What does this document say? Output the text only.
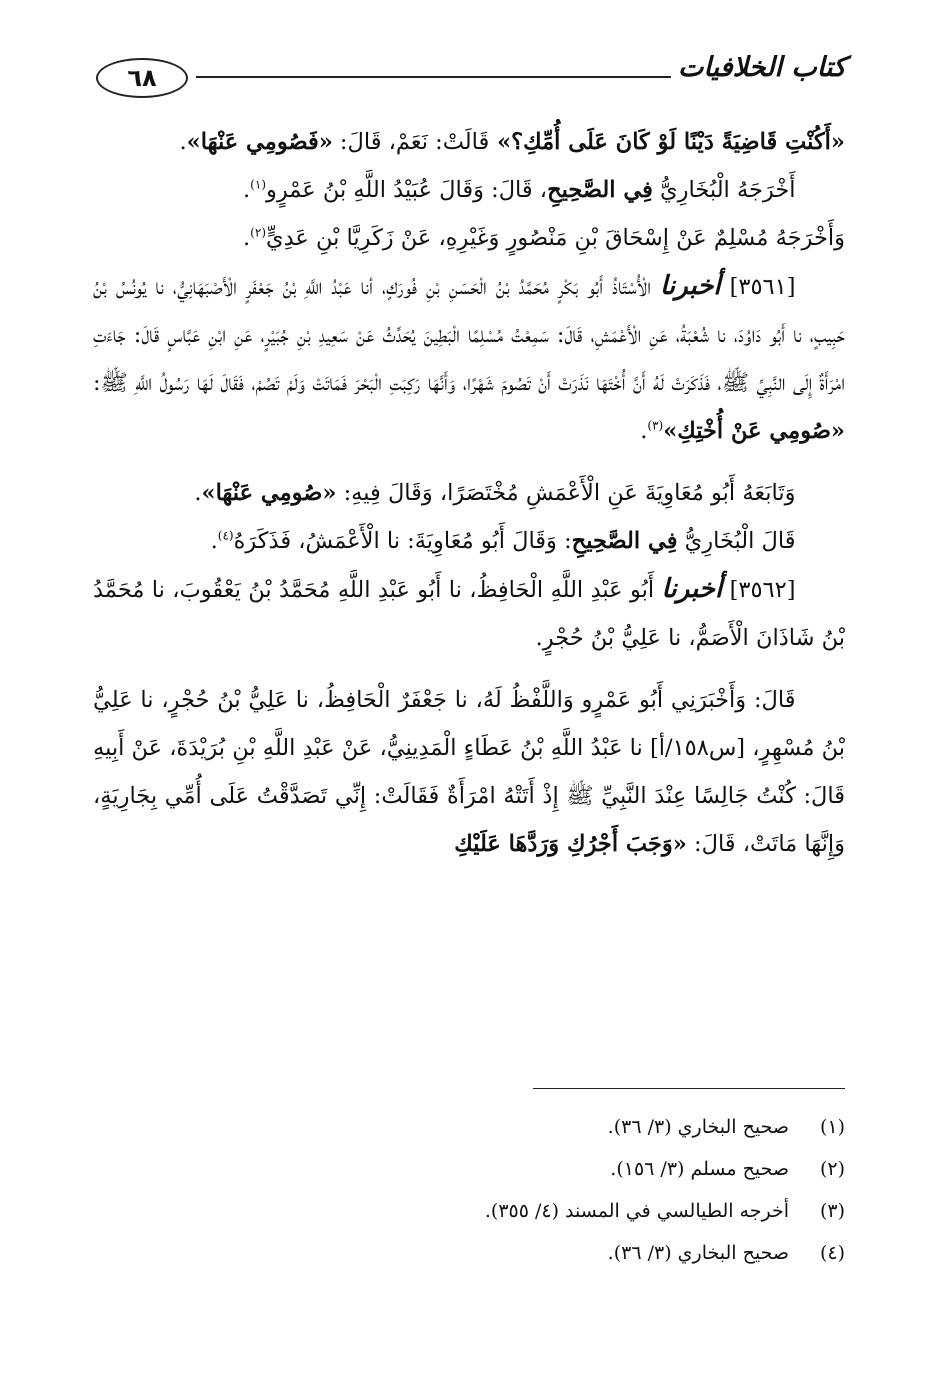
٦٨	كتاب الخلافيات

«أَكُنْتِ قَاضِيَةً دَيْنًا لَوْ كَانَ عَلَى أُمِّكِ؟» قَالَتْ: نَعَمْ، قَالَ: «فَصُومِي عَنْهَا».

أَخْرَجَهُ الْبُخَارِيُّ فِي الصَّحِيحِ، قَالَ: وَقَالَ عُبَيْدُ اللَّهِ بْنُ عَمْرٍو$^{(١)}$.

وَأَخْرَجَهُ مُسْلِمٌ عَنْ إِسْحَاقَ بْنِ مَنْصُورٍ وَغَيْرِهِ، عَنْ زَكَرِيَّا بْنِ عَدِيٍّ$^{(٢)}$.

[٣٥٦١] أخبرنا الْأُسْتَاذُ أَبُو بَكْرٍ مُحَمَّدُ بْنُ الْحَسَنِ بْنِ فُورَكٍ، أنا عَبْدُ اللَّهِ بْنُ جَعْفَرٍ الْأَصْبَهَانِيُّ، نا يُونُسُ بْنُ حَبِيبٍ، نا أَبُو دَاوُدَ، نا شُعْبَةُ، عَنِ الْأَعْمَشِ، قَالَ: سَمِعْتُ مُسْلِمًا الْبَطِينَ يُحَدِّثُ عَنْ سَعِيدِ بْنِ جُبَيْرٍ، عَنِ ابْنِ عَبَّاسٍ قَالَ: جَاءَتِ امْرَأَةٌ إِلَى النَّبِيِّ ﷺ، فَذَكَرَتْ لَهُ أَنَّ أُخْتَهَا نَذَرَتْ أَنْ تَصُومَ شَهْرًا، وَأَنَّهَا رَكِبَتِ الْبَحْرَ فَمَاتَتْ وَلَمْ تَصُمْ، فَقَالَ لَهَا رَسُولُ اللَّهِ ﷺ: «صُومِي عَنْ أُخْتِكِ»$^{(٣)}$.

وَتَابَعَهُ أَبُو مُعَاوِيَةَ عَنِ الْأَعْمَشِ مُخْتَصَرًا، وَقَالَ فِيهِ: «صُومِي عَنْهَا».

قَالَ الْبُخَارِيُّ فِي الصَّحِيحِ: وَقَالَ أَبُو مُعَاوِيَةَ: نا الْأَعْمَشُ، فَذَكَرَهُ$^{(٤)}$.

[٣٥٦٢] أخبرنا أَبُو عَبْدِ اللَّهِ الْحَافِظُ، نا أَبُو عَبْدِ اللَّهِ مُحَمَّدُ بْنُ يَعْقُوبَ، نا مُحَمَّدُ بْنُ شَاذَانَ الْأَصَمُّ، نا عَلِيُّ بْنُ حُجْرٍ.

قَالَ: وَأَخْبَرَنِي أَبُو عَمْرٍو وَاللَّفْظُ لَهُ، نا جَعْفَرٌ الْحَافِظُ، نا عَلِيُّ بْنُ حُجْرٍ، نا عَلِيُّ بْنُ مُسْهِرٍ، [س١٥٨/أ] نا عَبْدُ اللَّهِ بْنُ عَطَاءٍ الْمَدِينِيُّ، عَنْ عَبْدِ اللَّهِ بْنِ بُرَيْدَةَ، عَنْ أَبِيهِ قَالَ: كُنْتُ جَالِسًا عِنْدَ النَّبِيِّ ﷺ إِذْ أَتَتْهُ امْرَأَةٌ فَقَالَتْ: إِنِّي تَصَدَّقْتُ عَلَى أُمِّي بِجَارِيَةٍ، وَإِنَّهَا مَاتَتْ، قَالَ: «وَجَبَ أَجْرُكِ وَرَدَّهَا عَلَيْكِ

(١)
صحيح البخاري (٣/ ٣٦).
(٢)
صحيح مسلم (٣/ ١٥٦).
(٣)
أخرجه الطيالسي في المسند (٤/ ٣٥٥).
(٤)
صحيح البخاري (٣/ ٣٦).
